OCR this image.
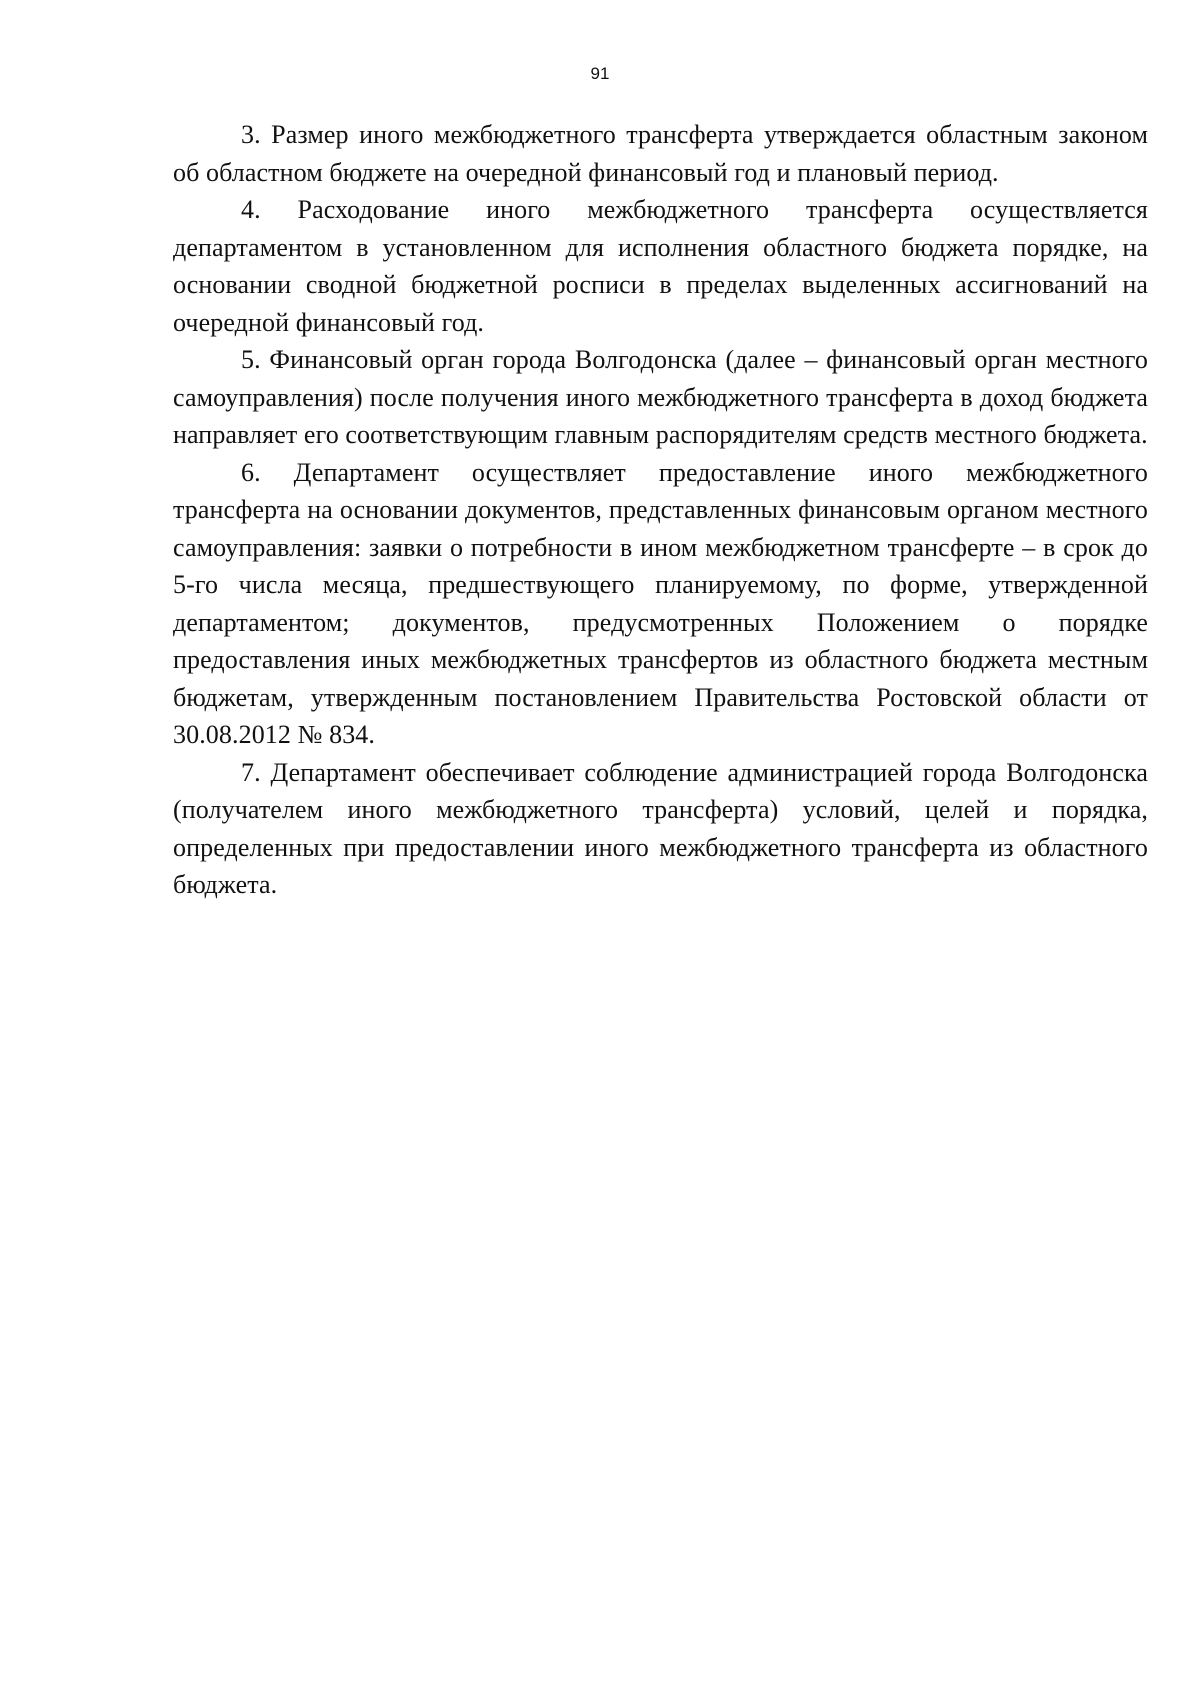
91

3. Размер иного межбюджетного трансферта утверждается областным законом об областном бюджете на очередной финансовый год и плановый период.

4. Расходование иного межбюджетного трансферта осуществляется департаментом в установленном для исполнения областного бюджета порядке, на основании сводной бюджетной росписи в пределах выделенных ассигнований на очередной финансовый год.

5. Финансовый орган города Волгодонска (далее – финансовый орган местного самоуправления) после получения иного межбюджетного трансферта в доход бюджета направляет его соответствующим главным распорядителям средств местного бюджета.

6. Департамент осуществляет предоставление иного межбюджетного трансферта на основании документов, представленных финансовым органом местного самоуправления: заявки о потребности в ином межбюджетном трансферте – в срок до 5-го числа месяца, предшествующего планируемому, по форме, утвержденной департаментом; документов, предусмотренных Положением о порядке предоставления иных межбюджетных трансфертов из областного бюджета местным бюджетам, утвержденным постановлением Правительства Ростовской области от 30.08.2012 № 834.

7. Департамент обеспечивает соблюдение администрацией города Волгодонска (получателем иного межбюджетного трансферта) условий, целей и порядка, определенных при предоставлении иного межбюджетного трансферта из областного бюджета.
